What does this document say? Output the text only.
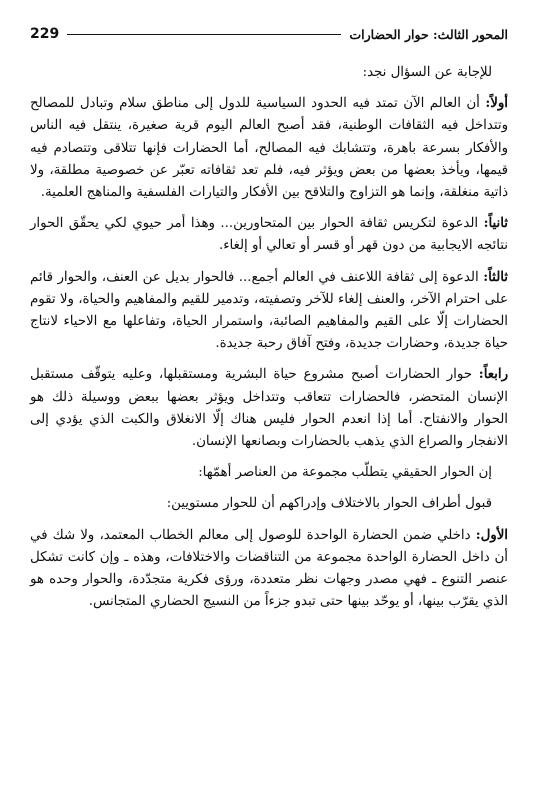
المحور الثالث: حوار الحضارات
229

للإجابة عن السؤال نجد:

أولاً: أن العالم الآن تمتد فيه الحدود السياسية للدول إلى مناطق سلام وتبادل للمصالح وتتداخل فيه الثقافات الوطنية، فقد أصبح العالم اليوم قرية صغيرة، ينتقل فيه الناس والأفكار بسرعة باهرة، وتتشابك فيه المصالح، أما الحضارات فإنها تتلاقى وتتصادم فيه قيمها، ويأخذ بعضها من بعض ويؤثر فيه، فلم تعد ثقافاته تعبّر عن خصوصية مطلقة، ولا ذاتية منغلقة، وإنما هو التزاوج والتلاقح بين الأفكار والتيارات الفلسفية والمناهج العلمية.

ثانياً: الدعوة لتكريس ثقافة الحوار بين المتحاورين... وهذا أمر حيوي لكي يحقّق الحوار نتائجه الايجابية من دون قهر أو قسر أو تعالي أو إلغاء.

ثالثاً: الدعوة إلى ثقافة اللاعنف في العالم أجمع... فالحوار بديل عن العنف، والحوار قائم على احترام الآخر، والعنف إلغاء للآخر وتصفيته، وتدمير للقيم والمفاهيم والحياة، ولا تقوم الحضارات إلّا على القيم والمفاهيم الصائبة، واستمرار الحياة، وتفاعلها مع الاحياء لانتاج حياة جديدة، وحضارات جديدة، وفتح آفاق رحبة جديدة.

رابعاً: حوار الحضارات أصبح مشروع حياة البشرية ومستقبلها، وعليه يتوقّف مستقبل الإنسان المتحضر، فالحضارات تتعاقب وتتداخل ويؤثر بعضها ببعض ووسيلة ذلك هو الحوار والانفتاح. أما إذا انعدم الحوار فليس هناك إلّا الانغلاق والكبت الذي يؤدي إلى الانفجار والصراع الذي يذهب بالحضارات وبصانعها الإنسان.

إن الحوار الحقيقي يتطلّب مجموعة من العناصر أهمّها:

قبول أطراف الحوار بالاختلاف وإدراكهم أن للحوار مستويين:

الأول: داخلي ضمن الحضارة الواحدة للوصول إلى معالم الخطاب المعتمد، ولا شك في أن داخل الحضارة الواحدة مجموعة من التناقضات والاختلافات، وهذه ـ وإن كانت تشكل عنصر التنوع ـ فهي مصدر وجهات نظر متعددة، ورؤى فكرية متجدّدة، والحوار وحده هو الذي يقرّب بينها، أو يوحّد بينها حتى تبدو جزءاً من النسيج الحضاري المتجانس.
